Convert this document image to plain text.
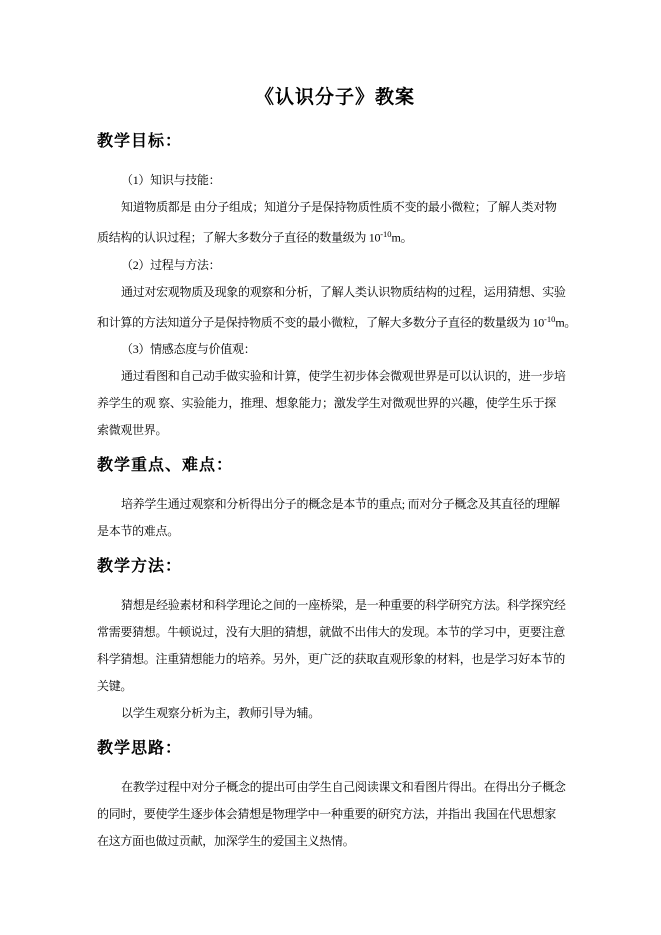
《认识分子》教案
教学目标：
（1）知识与技能：
知道物质都是 由分子组成；知道分子是保持物质性质不变的最小微粒；了解人类对物
质结构的认识过程；了解大多数分子直径的数量级为 $10^{-10}m$。
（2）过程与方法：
通过对宏观物质及现象的观察和分析，了解人类认识物质结构的过程，运用猜想、实验
和计算的方法知道分子是保持物质不变的最小微粒，了解大多数分子直径的数量级为 $10^{-10}m$。
（3）情感态度与价值观：
通过看图和自己动手做实验和计算，使学生初步体会微观世界是可以认识的，进一步培
养学生的观 察、实验能力，推理、想象能力；激发学生对微观世界的兴趣，使学生乐于探
索微观世界。
教学重点、难点：
培养学生通过观察和分析得出分子的概念是本节的重点; 而对分子概念及其直径的理解
是本节的难点。
教学方法：
猜想是经验素材和科学理论之间的一座桥梁，是一种重要的科学研究方法。科学探究经
常需要猜想。牛顿说过，没有大胆的猜想，就做不出伟大的发现。本节的学习中，更要注意
科学猜想。注重猜想能力的培养。另外，更广泛的获取直观形象的材料，也是学习好本节的
关键。
以学生观察分析为主，教师引导为辅。
教学思路：
在教学过程中对分子概念的提出可由学生自己阅读课文和看图片得出。在得出分子概念
的同时，要使学生逐步体会猜想是物理学中一种重要的研究方法，并指出 我国在代思想家
在这方面也做过贡献，加深学生的爱国主义热情。
